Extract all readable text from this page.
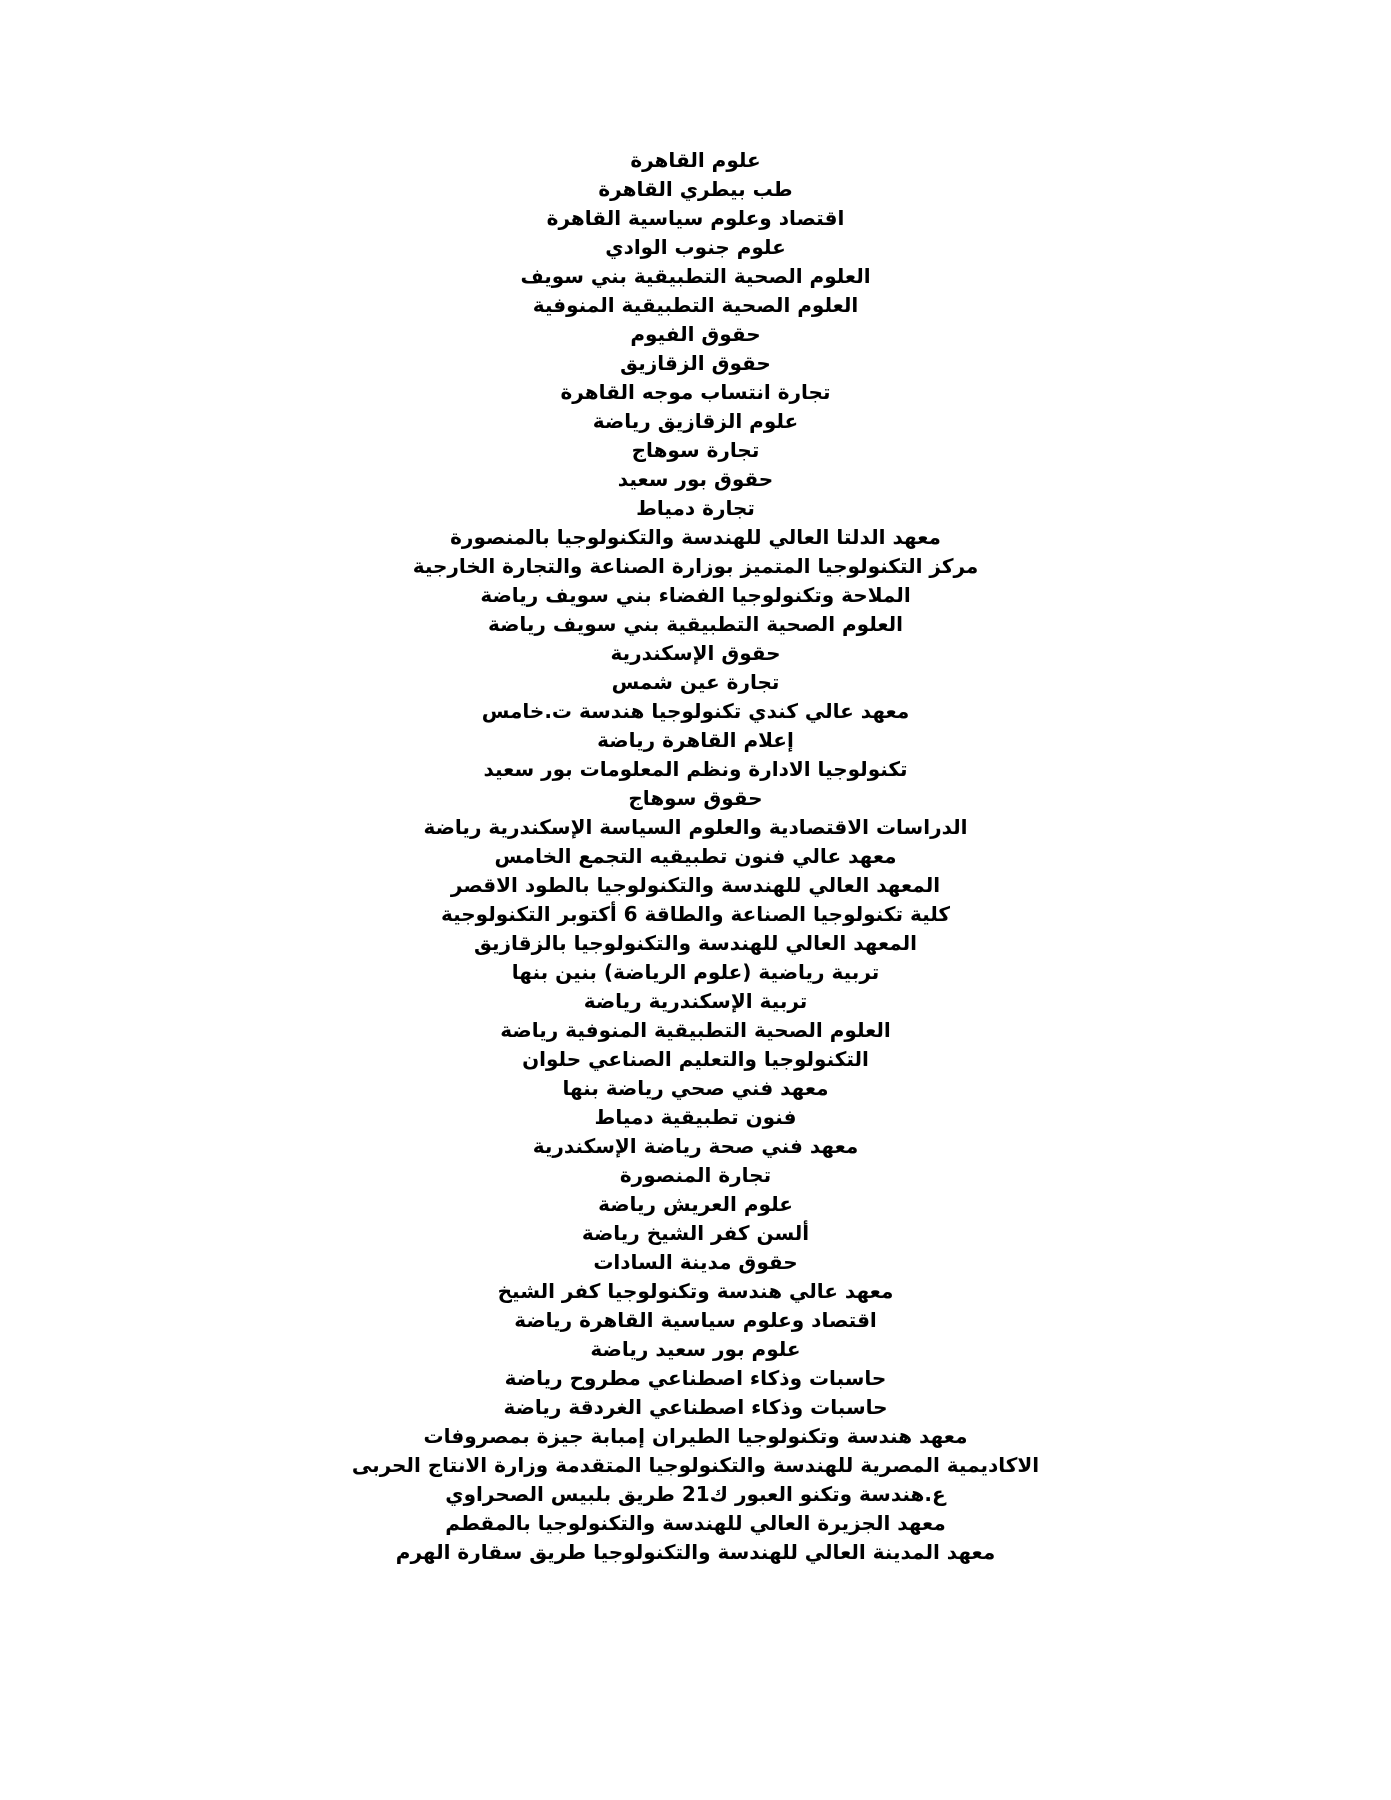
علوم القاهرة
طب بيطري القاهرة
اقتصاد وعلوم سياسية القاهرة
علوم جنوب الوادي
العلوم الصحية التطبيقية بني سويف
العلوم الصحية التطبيقية المنوفية
حقوق الفيوم
حقوق الزقازيق
تجارة انتساب موجه القاهرة
علوم الزقازيق رياضة
تجارة سوهاج
حقوق بور سعيد
تجارة دمياط
معهد الدلتا العالي للهندسة والتكنولوجيا بالمنصورة
مركز التكنولوجيا المتميز بوزارة الصناعة والتجارة الخارجية
الملاحة وتكنولوجيا الفضاء بني سويف رياضة
العلوم الصحية التطبيقية بني سويف رياضة
حقوق الإسكندرية
تجارة عين شمس
معهد عالي كندي تكنولوجيا هندسة ت.خامس
إعلام القاهرة رياضة
تكنولوجيا الادارة ونظم المعلومات بور سعيد
حقوق سوهاج
الدراسات الاقتصادية والعلوم السياسة الإسكندرية رياضة
معهد عالي فنون تطبيقيه التجمع الخامس
المعهد العالي للهندسة والتكنولوجيا بالطود الاقصر
كلية تكنولوجيا الصناعة والطاقة 6 أكتوبر التكنولوجية
المعهد العالي للهندسة والتكنولوجيا بالزقازيق
تربية رياضية (علوم الرياضة) بنين بنها
تربية الإسكندرية رياضة
العلوم الصحية التطبيقية المنوفية رياضة
التكنولوجيا والتعليم الصناعي حلوان
معهد فني صحي رياضة بنها
فنون تطبيقية دمياط
معهد فني صحة رياضة الإسكندرية
تجارة المنصورة
علوم العريش رياضة
ألسن كفر الشيخ رياضة
حقوق مدينة السادات
معهد عالي هندسة وتكنولوجيا كفر الشيخ
اقتصاد وعلوم سياسية القاهرة رياضة
علوم بور سعيد رياضة
حاسبات وذكاء اصطناعي مطروح رياضة
حاسبات وذكاء اصطناعي الغردقة رياضة
معهد هندسة وتكنولوجيا الطيران إمبابة جيزة بمصروفات
الاكاديمية المصرية للهندسة والتكنولوجيا المتقدمة وزارة الانتاج الحربى
ع.هندسة وتكنو العبور ك21 طريق بلبيس الصحراوي
معهد الجزيرة العالي للهندسة والتكنولوجيا بالمقطم
معهد المدينة العالي للهندسة والتكنولوجيا طريق سقارة الهرم
